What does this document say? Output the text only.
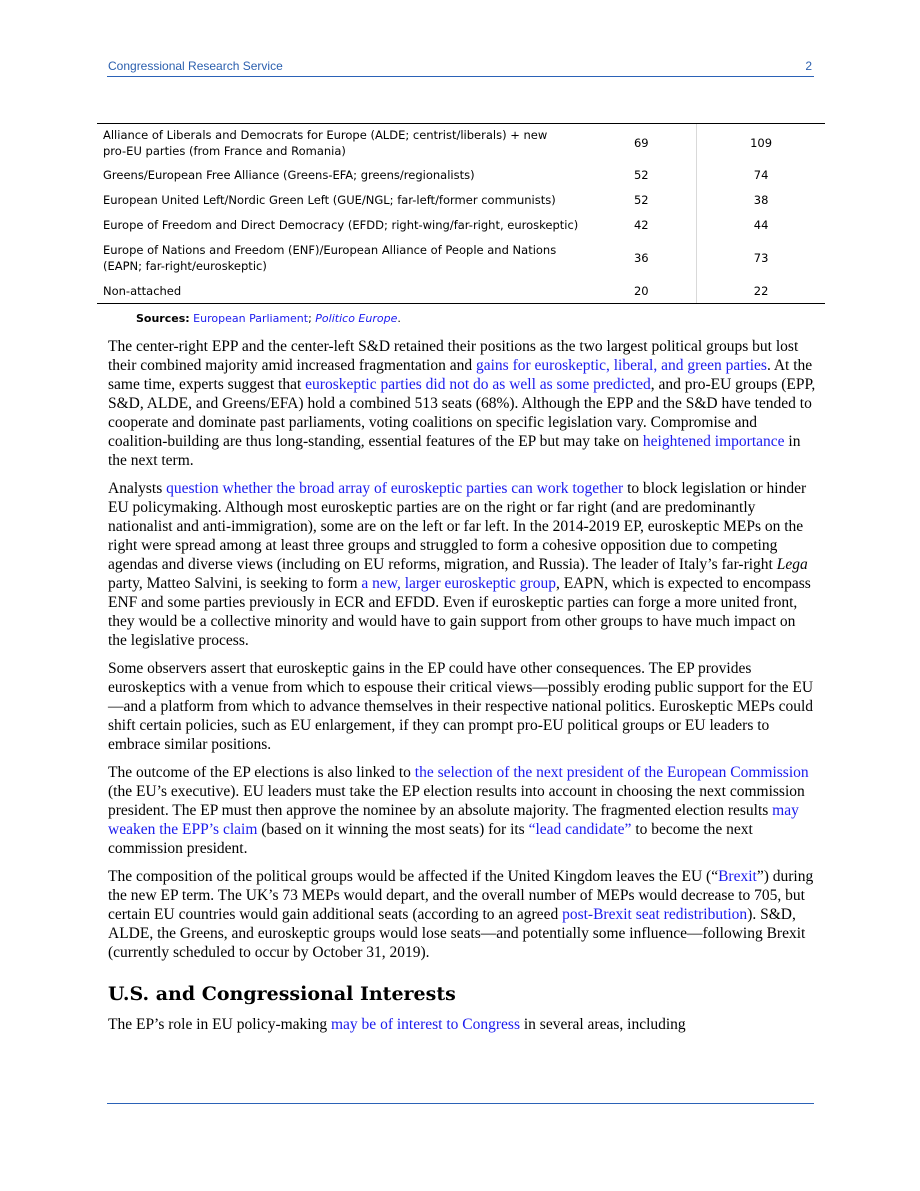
Congressional Research Service	2
Alliance of Liberals and Democrats for Europe (ALDE; centrist/liberals) + new
pro-EU parties (from France and Romania)	69	109
Greens/European Free Alliance (Greens-EFA; greens/regionalists)	52	74
European United Left/Nordic Green Left (GUE/NGL; far-left/former communists)	52	38
Europe of Freedom and Direct Democracy (EFDD; right-wing/far-right, euroskeptic)	42	44
Europe of Nations and Freedom (ENF)/European Alliance of People and Nations
(EAPN; far-right/euroskeptic)	36	73
Non-attached	20	22
Sources: European Parliament; Politico Europe.

The center-right EPP and the center-left S&D retained their positions as the two largest political groups but lost their combined majority amid increased fragmentation and gains for euroskeptic, liberal, and green parties. At the same time, experts suggest that euroskeptic parties did not do as well as some predicted, and pro-EU groups (EPP, S&D, ALDE, and Greens/EFA) hold a combined 513 seats (68%). Although the EPP and the S&D have tended to cooperate and dominate past parliaments, voting coalitions on specific legislation vary. Compromise and coalition-building are thus long-standing, essential features of the EP but may take on heightened importance in the next term.

Analysts question whether the broad array of euroskeptic parties can work together to block legislation or hinder EU policymaking. Although most euroskeptic parties are on the right or far right (and are predominantly nationalist and anti-immigration), some are on the left or far left. In the 2014-2019 EP, euroskeptic MEPs on the right were spread among at least three groups and struggled to form a cohesive opposition due to competing agendas and diverse views (including on EU reforms, migration, and Russia). The leader of Italy’s far-right Lega party, Matteo Salvini, is seeking to form a new, larger euroskeptic group, EAPN, which is expected to encompass ENF and some parties previously in ECR and EFDD. Even if euroskeptic parties can forge a more united front, they would be a collective minority and would have to gain support from other groups to have much impact on the legislative process.

Some observers assert that euroskeptic gains in the EP could have other consequences. The EP provides euroskeptics with a venue from which to espouse their critical views—possibly eroding public support for the EU—and a platform from which to advance themselves in their respective national politics. Euroskeptic MEPs could shift certain policies, such as EU enlargement, if they can prompt pro-EU political groups or EU leaders to embrace similar positions.

The outcome of the EP elections is also linked to the selection of the next president of the European Commission (the EU’s executive). EU leaders must take the EP election results into account in choosing the next commission president. The EP must then approve the nominee by an absolute majority. The fragmented election results may weaken the EPP’s claim (based on it winning the most seats) for its “lead candidate” to become the next commission president.

The composition of the political groups would be affected if the United Kingdom leaves the EU (“Brexit”) during the new EP term. The UK’s 73 MEPs would depart, and the overall number of MEPs would decrease to 705, but certain EU countries would gain additional seats (according to an agreed post-Brexit seat redistribution). S&D, ALDE, the Greens, and euroskeptic groups would lose seats—and potentially some influence—following Brexit (currently scheduled to occur by October 31, 2019).

U.S. and Congressional Interests

The EP’s role in EU policy-making may be of interest to Congress in several areas, including
